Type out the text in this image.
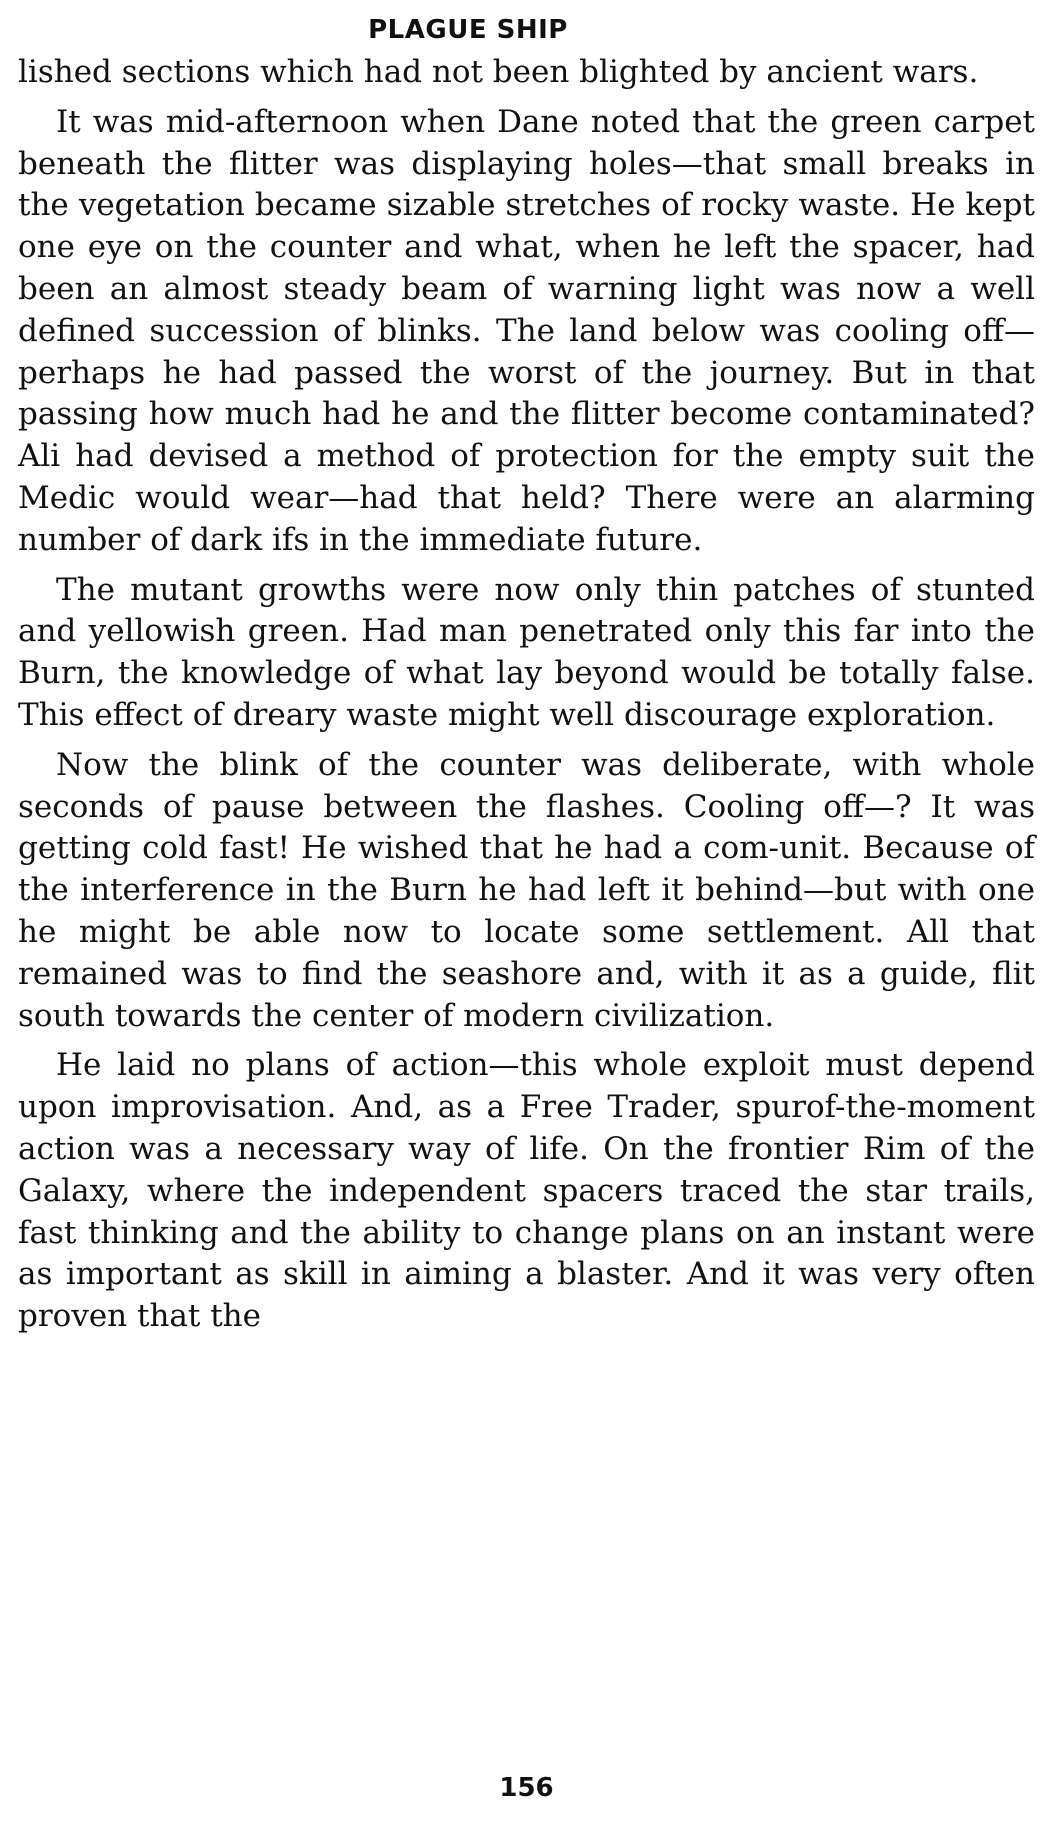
PLAGUE SHIP

lished sections which had not been blighted by ancient wars.

It was mid-afternoon when Dane noted that the green carpet beneath the flitter was displaying holes—that small breaks in the vegetation became sizable stretches of rocky waste. He kept one eye on the counter and what, when he left the spacer, had been an almost steady beam of warning light was now a well defined succession of blinks. The land below was cooling off—perhaps he had passed the worst of the journey. But in that passing how much had he and the flitter become contaminated? Ali had devised a method of protection for the empty suit the Medic would wear—had that held? There were an alarming number of dark ifs in the immediate future.

The mutant growths were now only thin patches of stunted and yellowish green. Had man penetrated only this far into the Burn, the knowledge of what lay beyond would be totally false. This effect of dreary waste might well discourage exploration.

Now the blink of the counter was deliberate, with whole seconds of pause between the flashes. Cooling off—? It was getting cold fast! He wished that he had a com-unit. Because of the interference in the Burn he had left it behind—but with one he might be able now to locate some settlement. All that remained was to find the seashore and, with it as a guide, flit south towards the center of modern civilization.

He laid no plans of action—this whole exploit must depend upon improvisation. And, as a Free Trader, spurof-the-moment action was a necessary way of life. On the frontier Rim of the Galaxy, where the independent spacers traced the star trails, fast thinking and the ability to change plans on an instant were as important as skill in aiming a blaster. And it was very often proven that the

156
